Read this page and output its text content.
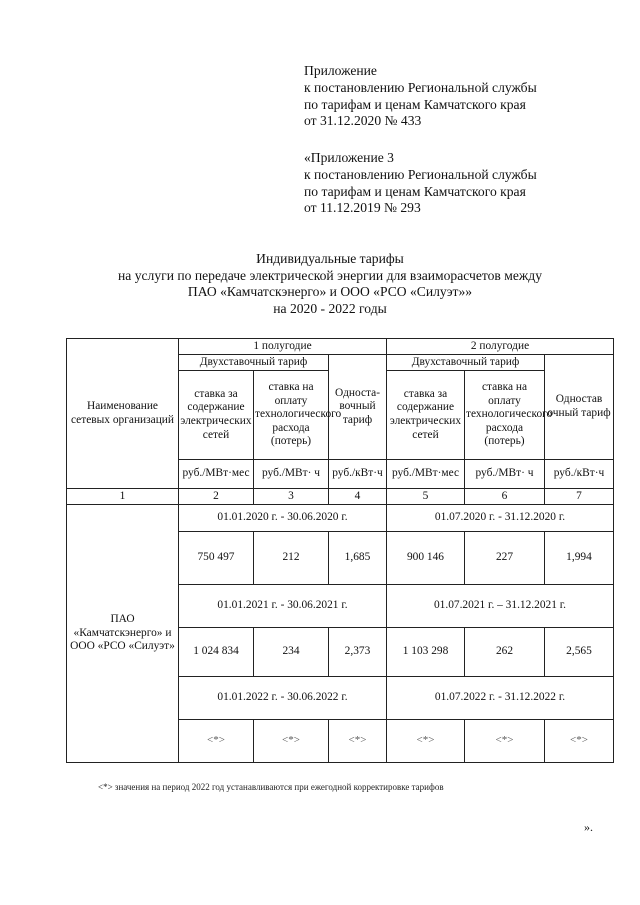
Приложение
к постановлению Региональной службы
по тарифам и ценам Камчатского края
от 31.12.2020 № 433
«Приложение 3
к постановлению Региональной службы
по тарифам и ценам Камчатского края
от 11.12.2019 № 293
Индивидуальные тарифы
на услуги по передаче электрической энергии для взаиморасчетов между
ПАО «Камчатскэнерго» и ООО «РСО «Силуэт»»
на 2020 - 2022 годы
Наименование сетевых организаций	1 полугодие			2 полугодие		
	Двухставочный тариф		Односта-вочный тариф	Двухставочный тариф		Одностав очный тариф
	ставка за содержание электрических сетей	ставка на оплату технологического расхода (потерь)		ставка за содержание электрических сетей	ставка на оплату технологического расхода (потерь)	
	руб./МВт·мес	руб./МВт· ч	руб./кВт·ч	руб./МВт·мес	руб./МВт· ч	руб./кВт·ч
1	2	3	4	5	6	7
ПАО «Камчатскэнерго» и ООО «РСО «Силуэт»	01.01.2020 г. - 30.06.2020 г.			01.07.2020 г. - 31.12.2020 г.		
	750 497	212	1,685	900 146	227	1,994
	01.01.2021 г. - 30.06.2021 г.			01.07.2021 г. – 31.12.2021 г.		
	1 024 834	234	2,373	1 103 298	262	2,565
	01.01.2022 г. - 30.06.2022 г.			01.07.2022 г. - 31.12.2022 г.		
	<*>	<*>	<*>	<*>	<*>	<*>
<*> значения на период 2022 год устанавливаются при ежегодной корректировке тарифов
».
